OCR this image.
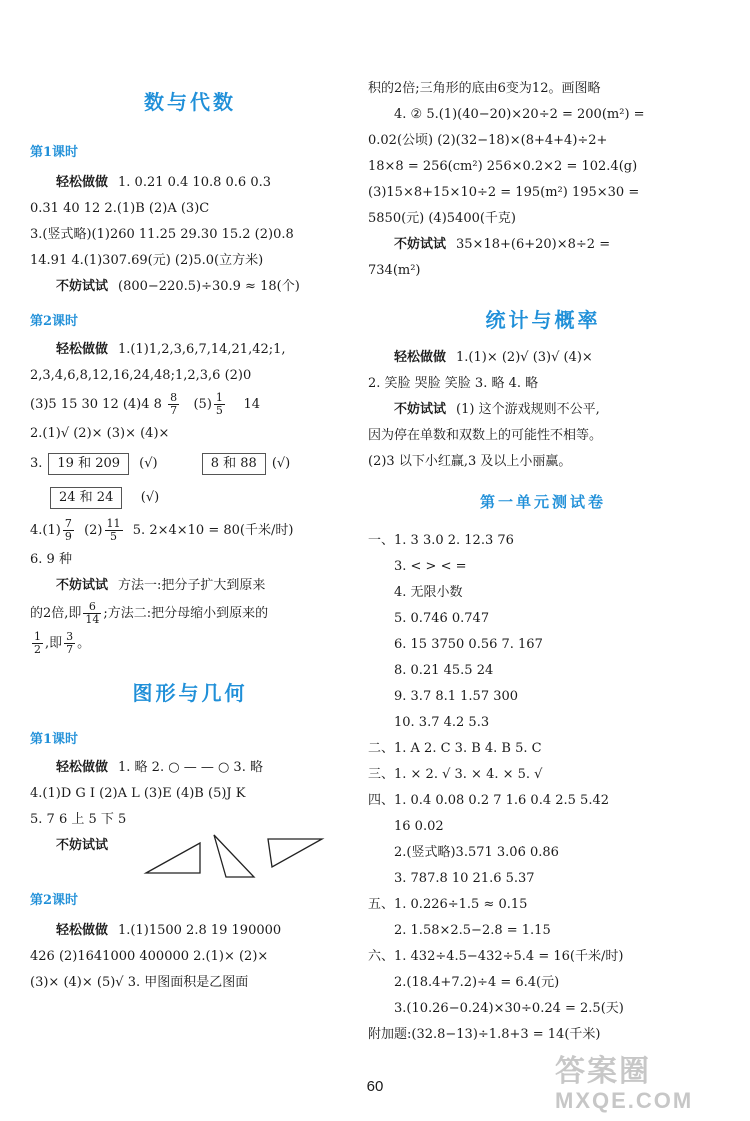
数与代数
第1课时
轻松做做 1. 0.21 0.4 10.8 0.6 0.3
0.31 40 12 2.(1)B (2)A (3)C
3.(竖式略)(1)260 11.25 29.30 15.2 (2)0.8
14.91 4.(1)307.69(元) (2)5.0(立方米)
不妨试试 (800−220.5)÷30.9 ≈ 18(个)
第2课时
轻松做做 1.(1)1,2,3,6,7,14,21,42;1,
2,3,4,6,8,12,16,24,48;1,2,3,6 (2)0
(3)5 15 30 12 (4)4 $8 \frac{8}{7} (5) \frac{1}{5} 14$
2.(1)√ (2)× (3)× (4)×
3. 19 和 209 (√)	8 和 88 (√)
24 和 24 (√)
$4.(1) \frac{7}{9} (2) \frac{11}{5} 5$. 2×4×10 = 80(千米/时)
6. 9 种
不妨试试 方法一:把分子扩大到原来
的2倍,即 $\frac{6}{14}$ ;方法二:把分母缩小到原来的
$\frac{1}{2}$ ,即 $\frac{3}{7}$ 。
图形与几何
第1课时
轻松做做 1. 略 2. ○ — — ○ 3. 略
4.(1)D G I (2)A L (3)E (4)B (5)J K
5. 7 6 上 5 下 5
不妨试试
第2课时
轻松做做 1.(1)1500 2.8 19 190000
426 (2)1641000 400000 2.(1)× (2)×
(3)× (4)× (5)√ 3. 甲图面积是乙图面
积的2倍;三角形的底由6变为12。画图略
4. ② 5.(1)(40−20)×20÷2 = 200(m²) =
0.02(公顷) (2)(32−18)×(8+4+4)÷2+
18×8 = 256(cm²) 256×0.2×2 = 102.4(g)
(3)15×8+15×10÷2 = 195(m²) 195×30 =
5850(元) (4)5400(千克)
不妨试试 35×18+(6+20)×8÷2 =
734(m²)
统计与概率
轻松做做 1.(1)× (2)√ (3)√ (4)×
2. 笑脸 哭脸 笑脸 3. 略 4. 略
不妨试试 (1) 这个游戏规则不公平,
因为停在单数和双数上的可能性不相等。
(2)3 以下小红赢,3 及以上小丽赢。
第一单元测试卷
一、1. 3 3.0 2. 12.3 76
3. < > < =
4. 无限小数
5. 0.746̇ 0.747
6. 15 3750 0.56 7. 167
8. 0.21 45.5 24
9. 3.7 8.1 1.57 300
10. 3.7 4.2 5.3
二、1. A 2. C 3. B 4. B 5. C
三、1. × 2. √ 3. × 4. × 5. √
四、1. 0.4 0.08 0.2 7 1.6 0.4 2.5 5.42
16 0.02
2.(竖式略)3.571 3.0̇6̇ 0.86
3. 787.8 10 21.6 5.37
五、1. 0.226÷1.5 ≈ 0.15
2. 1.58×2.5−2.8 = 1.15
六、1. 432÷4.5−432÷5.4 = 16(千米/时)
2.(18.4+7.2)÷4 = 6.4(元)
3.(10.26−0.24)×30÷0.24 = 2.5(天)
附加题:(32.8−13)÷1.8+3 = 14(千米)
60	答案圈
MXQE.COM
